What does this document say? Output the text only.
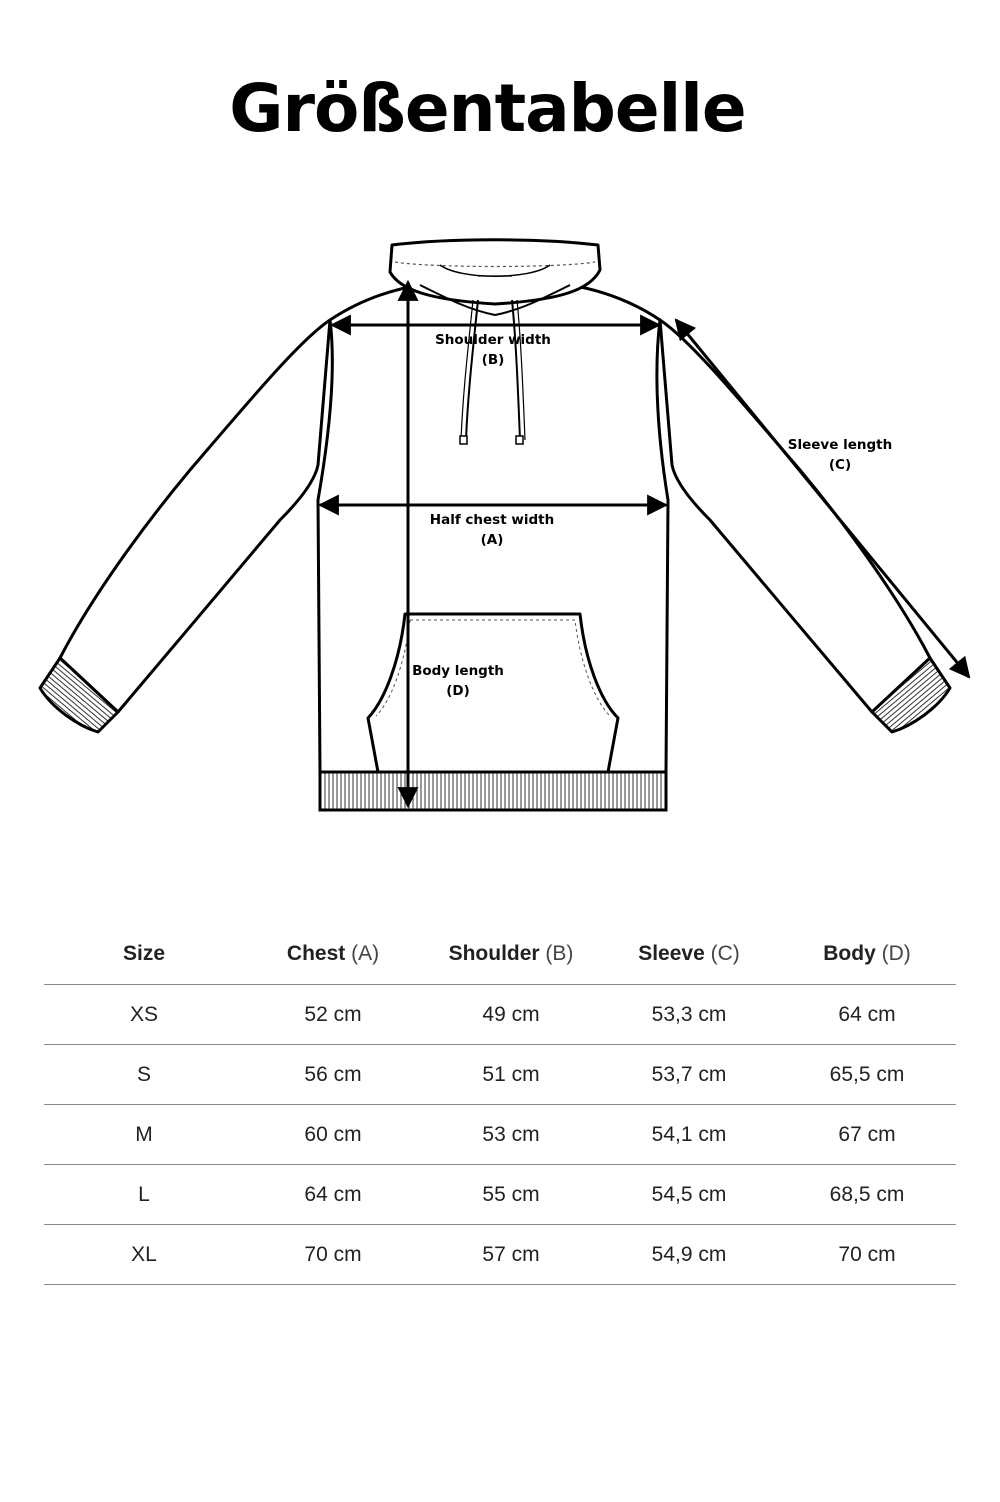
Größentabelle
Shoulder width
(B)
Sleeve length
(C)
Half chest width
(A)
Body length
(D)
Size	Chest (A)	Shoulder (B)	Sleeve (C)	Body (D)
XS	52 cm	49 cm	53,3 cm	64 cm
S	56 cm	51 cm	53,7 cm	65,5 cm
M	60 cm	53 cm	54,1 cm	67 cm
L	64 cm	55 cm	54,5 cm	68,5 cm
XL	70 cm	57 cm	54,9 cm	70 cm
